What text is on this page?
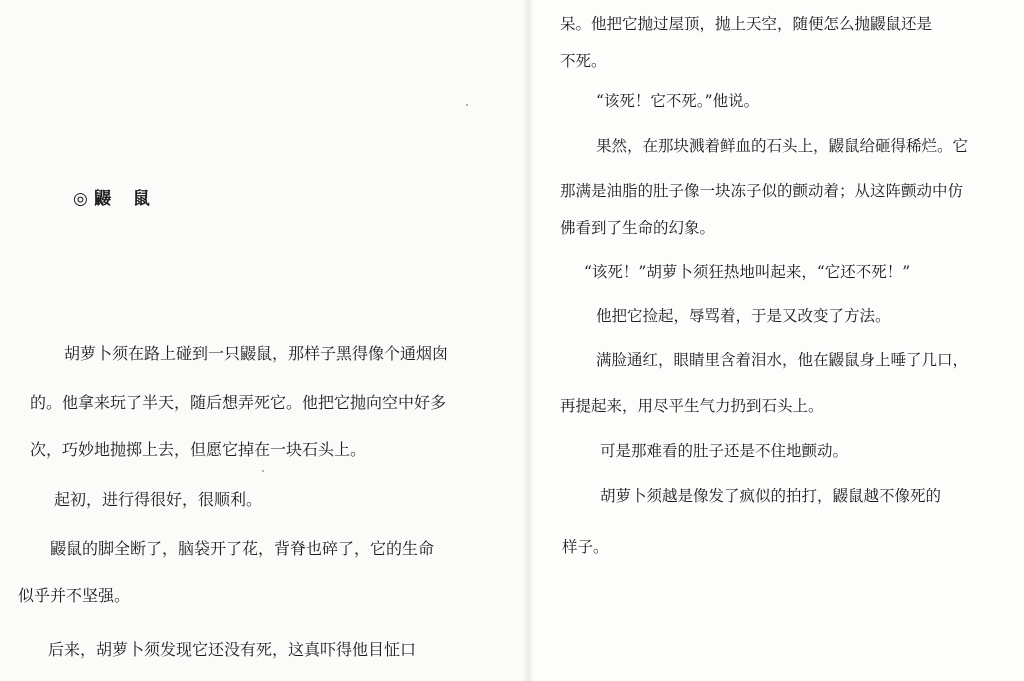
◎ 鼹 鼠
胡萝卜须在路上碰到一只鼹鼠，那样子黑得像个通烟囱
的。他拿来玩了半天，随后想弄死它。他把它抛向空中好多
次，巧妙地抛掷上去，但愿它掉在一块石头上。
起初，进行得很好，很顺利。
鼹鼠的脚全断了，脑袋开了花，背脊也碎了，它的生命
似乎并不坚强。
后来，胡萝卜须发现它还没有死，这真吓得他目怔口
呆。他把它抛过屋顶，抛上天空，随便怎么抛鼹鼠还是
不死。
“该死！它不死。”他说。
果然，在那块溅着鲜血的石头上，鼹鼠给砸得稀烂。它
那满是油脂的肚子像一块冻子似的颤动着；从这阵颤动中仿
佛看到了生命的幻象。
“该死！”胡萝卜须狂热地叫起来，“它还不死！”
他把它捡起，辱骂着，于是又改变了方法。
满脸通红，眼睛里含着泪水，他在鼹鼠身上唾了几口，
再提起来，用尽平生气力扔到石头上。
可是那难看的肚子还是不住地颤动。
胡萝卜须越是像发了疯似的拍打，鼹鼠越不像死的
样子。
